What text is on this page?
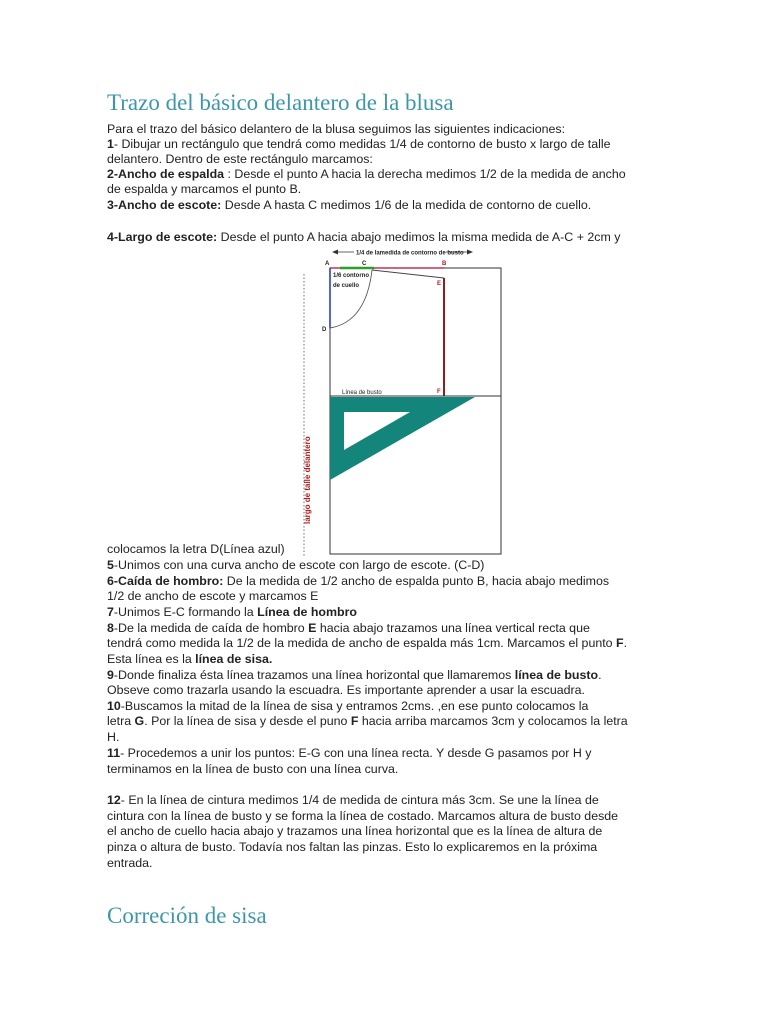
Trazo del básico delantero de la blusa
Para el trazo del básico delantero de la blusa seguimos las siguientes indicaciones:
1- Dibujar un rectángulo que tendrá como medidas 1/4 de contorno de busto x largo de talle
delantero. Dentro de este rectángulo marcamos:
2-Ancho de espalda : Desde el punto A hacia la derecha medimos 1/2 de la medida de ancho
de espalda y marcamos el punto B.
3-Ancho de escote: Desde A hasta C medimos 1/6 de la medida de contorno de cuello.
4-Largo de escote: Desde el punto A hacia abajo medimos la misma medida de A-C + 2cm y
1/4 de lamedida de contorno de busto
A	C	B
D
1/6 contorno
de cuello	E
F
Línea de busto
largo de talle delantero
colocamos la letra D(Línea azul)
5-Unimos con una curva ancho de escote con largo de escote. (C-D)
6-Caída de hombro: De la medida de 1/2 ancho de espalda punto B, hacia abajo medimos
1/2 de ancho de escote y marcamos E
7-Unimos E-C formando la Línea de hombro
8-De la medida de caída de hombro E hacia abajo trazamos una línea vertical recta que
tendrá como medida la 1/2 de la medida de ancho de espalda más 1cm. Marcamos el punto F.
Esta línea es la línea de sisa.
9-Donde finaliza ésta línea trazamos una línea horizontal que llamaremos línea de busto.
Obseve como trazarla usando la escuadra. Es importante aprender a usar la escuadra.
10-Buscamos la mitad de la línea de sisa y entramos 2cms. ,en ese punto colocamos la
letra G. Por la línea de sisa y desde el puno F hacia arriba marcamos 3cm y colocamos la letra
H.
11- Procedemos a unir los puntos: E-G con una línea recta. Y desde G pasamos por H y
terminamos en la línea de busto con una línea curva.
12- En la línea de cintura medimos 1/4 de medida de cintura más 3cm. Se une la línea de
cintura con la línea de busto y se forma la línea de costado. Marcamos altura de busto desde
el ancho de cuello hacia abajo y trazamos una línea horizontal que es la línea de altura de
pinza o altura de busto. Todavía nos faltan las pinzas. Esto lo explicaremos en la próxima
entrada.
Correción de sisa
